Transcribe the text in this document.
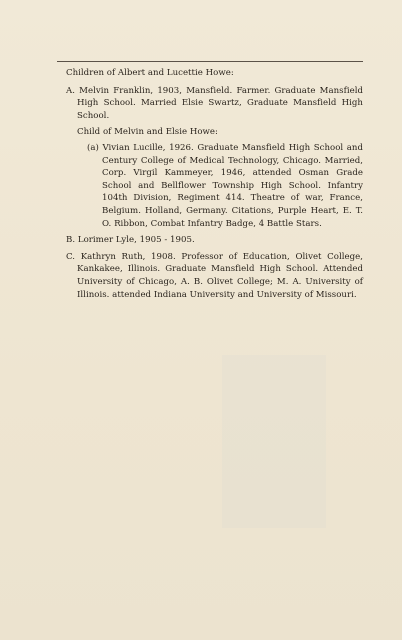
Children of Albert and Lucettie Howe:

A. Melvin Franklin, 1903, Mansfield. Farmer. Graduate Mansfield High School. Married Elsie Swartz, Graduate Mansfield High School.

Child of Melvin and Elsie Howe:

(a) Vivian Lucille, 1926. Graduate Mansfield High School and Century College of Medical Technology, Chicago. Married, Corp. Virgil Kammeyer, 1946, attended Osman Grade School and Bellflower Township High School. Infantry 104th Division, Regiment 414. Theatre of war, France, Belgium. Holland, Germany. Citations, Purple Heart, E. T. O. Ribbon, Combat Infantry Badge, 4 Battle Stars.

B. Lorimer Lyle, 1905 - 1905.

C. Kathryn Ruth, 1908. Professor of Education, Olivet College, Kankakee, Illinois. Graduate Mansfield High School. Attended University of Chicago, A. B. Olivet College; M. A. University of Illinois. attended Indiana University and University of Missouri.
